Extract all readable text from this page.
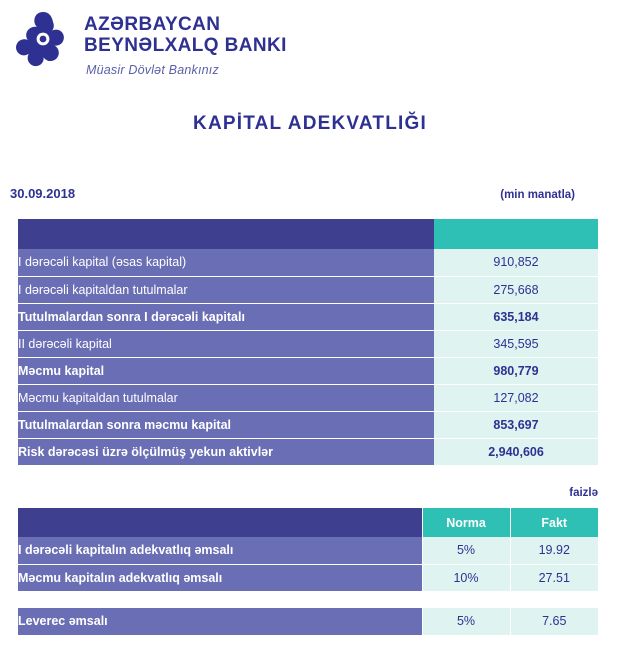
AZƏRBAYCAN
BEYNƏLXALQ BANKI
Müasir Dövlət Bankınız
KAPİTAL ADEKVATLIĞI
30.09.2018	(min manatla)

I dərəcəli kapital (əsas kapital)	910,852
I dərəcəli kapitaldan tutulmalar	275,668
Tutulmalardan sonra I dərəcəli kapitalı	635,184
II dərəcəli kapital	345,595
Məcmu kapital	980,779
Məcmu kapitaldan tutulmalar	127,082
Tutulmalardan sonra məcmu kapital	853,697
Risk dərəcəsi üzrə ölçülmüş yekun aktivlər	2,940,606
faizlə
	Norma	Fakt
I dərəcəli kapitalın adekvatlıq əmsalı	5%	19.92
Məcmu kapitalın adekvatlıq əmsalı	10%	27.51

Leverec əmsalı	5%	7.65
